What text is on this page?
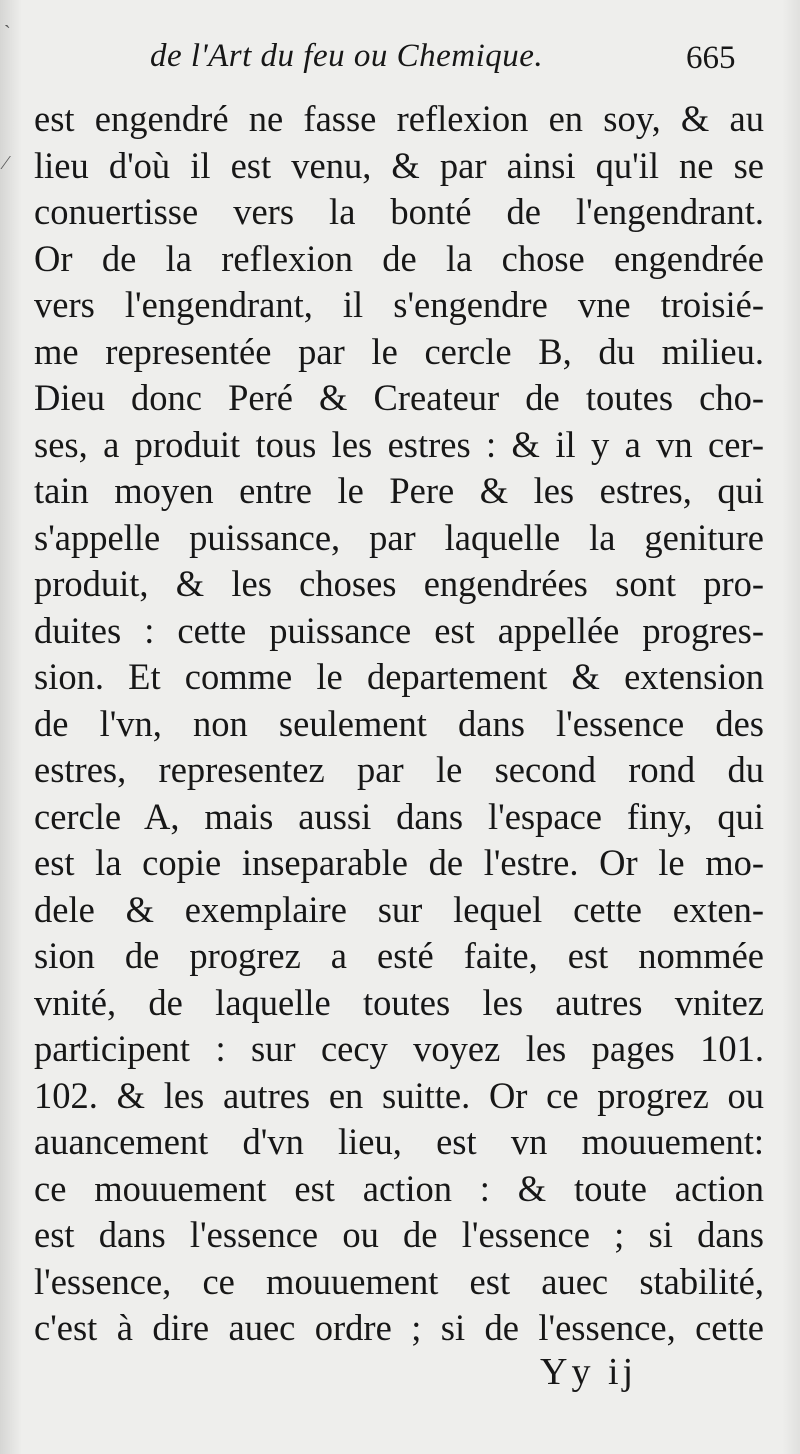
de l'Art du feu ou Chemique.	665
ˋ
⁄
est engendré ne fasse reflexion en soy, & au
lieu d'où il est venu, & par ainsi qu'il ne se
conuertisse vers la bonté de l'engendrant.
Or de la reflexion de la chose engendrée
vers l'engendrant, il s'engendre vne troisié-
me representée par le cercle B, du milieu.
Dieu donc Peré & Createur de toutes cho-
ses, a produit tous les estres : & il y a vn cer-
tain moyen entre le Pere & les estres, qui
s'appelle puissance, par laquelle la geniture
produit, & les choses engendrées sont pro-
duites : cette puissance est appellée progres-
sion. Et comme le departement & extension
de l'vn, non seulement dans l'essence des
estres, representez par le second rond du
cercle A, mais aussi dans l'espace finy, qui
est la copie inseparable de l'estre. Or le mo-
dele & exemplaire sur lequel cette exten-
sion de progrez a esté faite, est nommée
vnité, de laquelle toutes les autres vnitez
participent : sur cecy voyez les pages 101.
102. & les autres en suitte. Or ce progrez ou
auancement d'vn lieu, est vn mouuement:
ce mouuement est action : & toute action
est dans l'essence ou de l'essence ; si dans
l'essence, ce mouuement est auec stabilité,
c'est à dire auec ordre ; si de l'essence, cette
Yy ij
